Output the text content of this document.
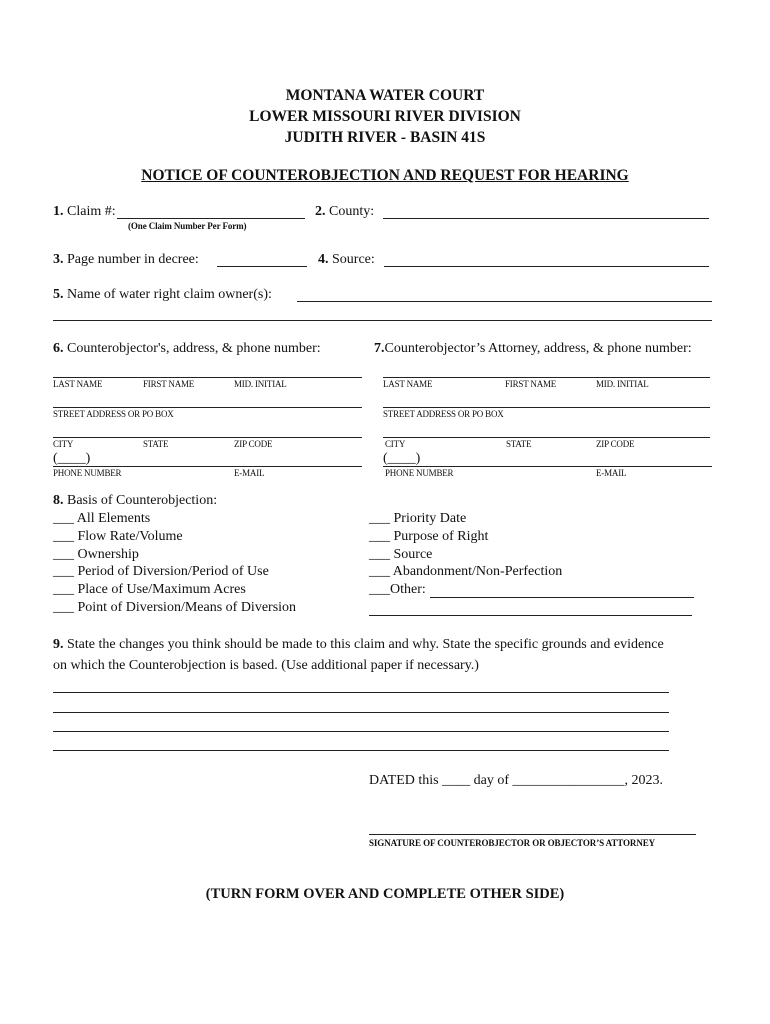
MONTANA WATER COURT
LOWER MISSOURI RIVER DIVISION
JUDITH RIVER - BASIN 41S
NOTICE OF COUNTEROBJECTION AND REQUEST FOR HEARING
1. Claim #:
(One Claim Number Per Form)
2. County:
3. Page number in decree:	4. Source:
5. Name of water right claim owner(s):
6. Counterobjector's, address, & phone number:	7.Counterobjector’s Attorney, address, & phone number:
LAST NAME	FIRST NAME	MID. INITIAL
STREET ADDRESS OR PO BOX
CITY	STATE	ZIP CODE
(____)
PHONE NUMBER	E-MAIL
LAST NAME	FIRST NAME	MID. INITIAL
STREET ADDRESS OR PO BOX
CITY	STATE	ZIP CODE
(____)
PHONE NUMBER	E-MAIL
8. Basis of Counterobjection:
___ All Elements
___ Flow Rate/Volume
___ Ownership
___ Period of Diversion/Period of Use
___ Place of Use/Maximum Acres
___ Point of Diversion/Means of Diversion
___ Priority Date
___ Purpose of Right
___ Source
___ Abandonment/Non-Perfection
___Other:
9. State the changes you think should be made to this claim and why. State the specific grounds and evidence
on which the Counterobjection is based. (Use additional paper if necessary.)
DATED this ____ day of ________________, 2023.
SIGNATURE OF COUNTEROBJECTOR OR OBJECTOR’S ATTORNEY
(TURN FORM OVER AND COMPLETE OTHER SIDE)
